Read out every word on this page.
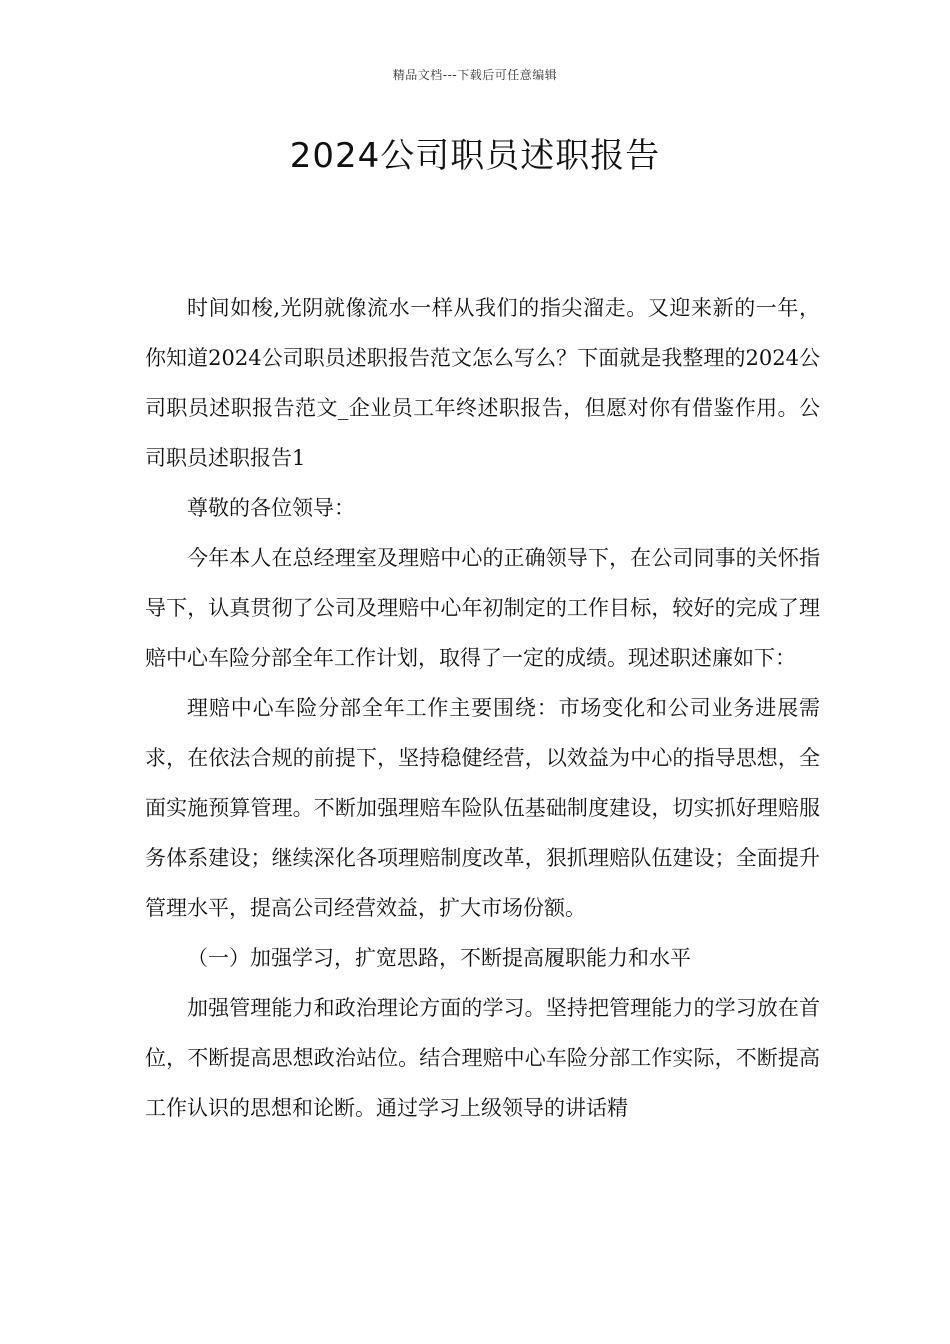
精品文档---下载后可任意编辑
2024公司职员述职报告

时间如梭,光阴就像流水一样从我们的指尖溜走。又迎来新的一年，你知道2024公司职员述职报告范文怎么写么？下面就是我整理的2024公司职员述职报告范文_企业员工年终述职报告，但愿对你有借鉴作用。公司职员述职报告1

尊敬的各位领导：

今年本人在总经理室及理赔中心的正确领导下，在公司同事的关怀指导下，认真贯彻了公司及理赔中心年初制定的工作目标，较好的完成了理赔中心车险分部全年工作计划，取得了一定的成绩。现述职述廉如下：

理赔中心车险分部全年工作主要围绕：市场变化和公司业务进展需求，在依法合规的前提下，坚持稳健经营，以效益为中心的指导思想，全面实施预算管理。不断加强理赔车险队伍基础制度建设，切实抓好理赔服务体系建设；继续深化各项理赔制度改革，狠抓理赔队伍建设；全面提升管理水平，提高公司经营效益，扩大市场份额。

（一）加强学习，扩宽思路，不断提高履职能力和水平

加强管理能力和政治理论方面的学习。坚持把管理能力的学习放在首位，不断提高思想政治站位。结合理赔中心车险分部工作实际，不断提高工作认识的思想和论断。通过学习上级领导的讲话精
